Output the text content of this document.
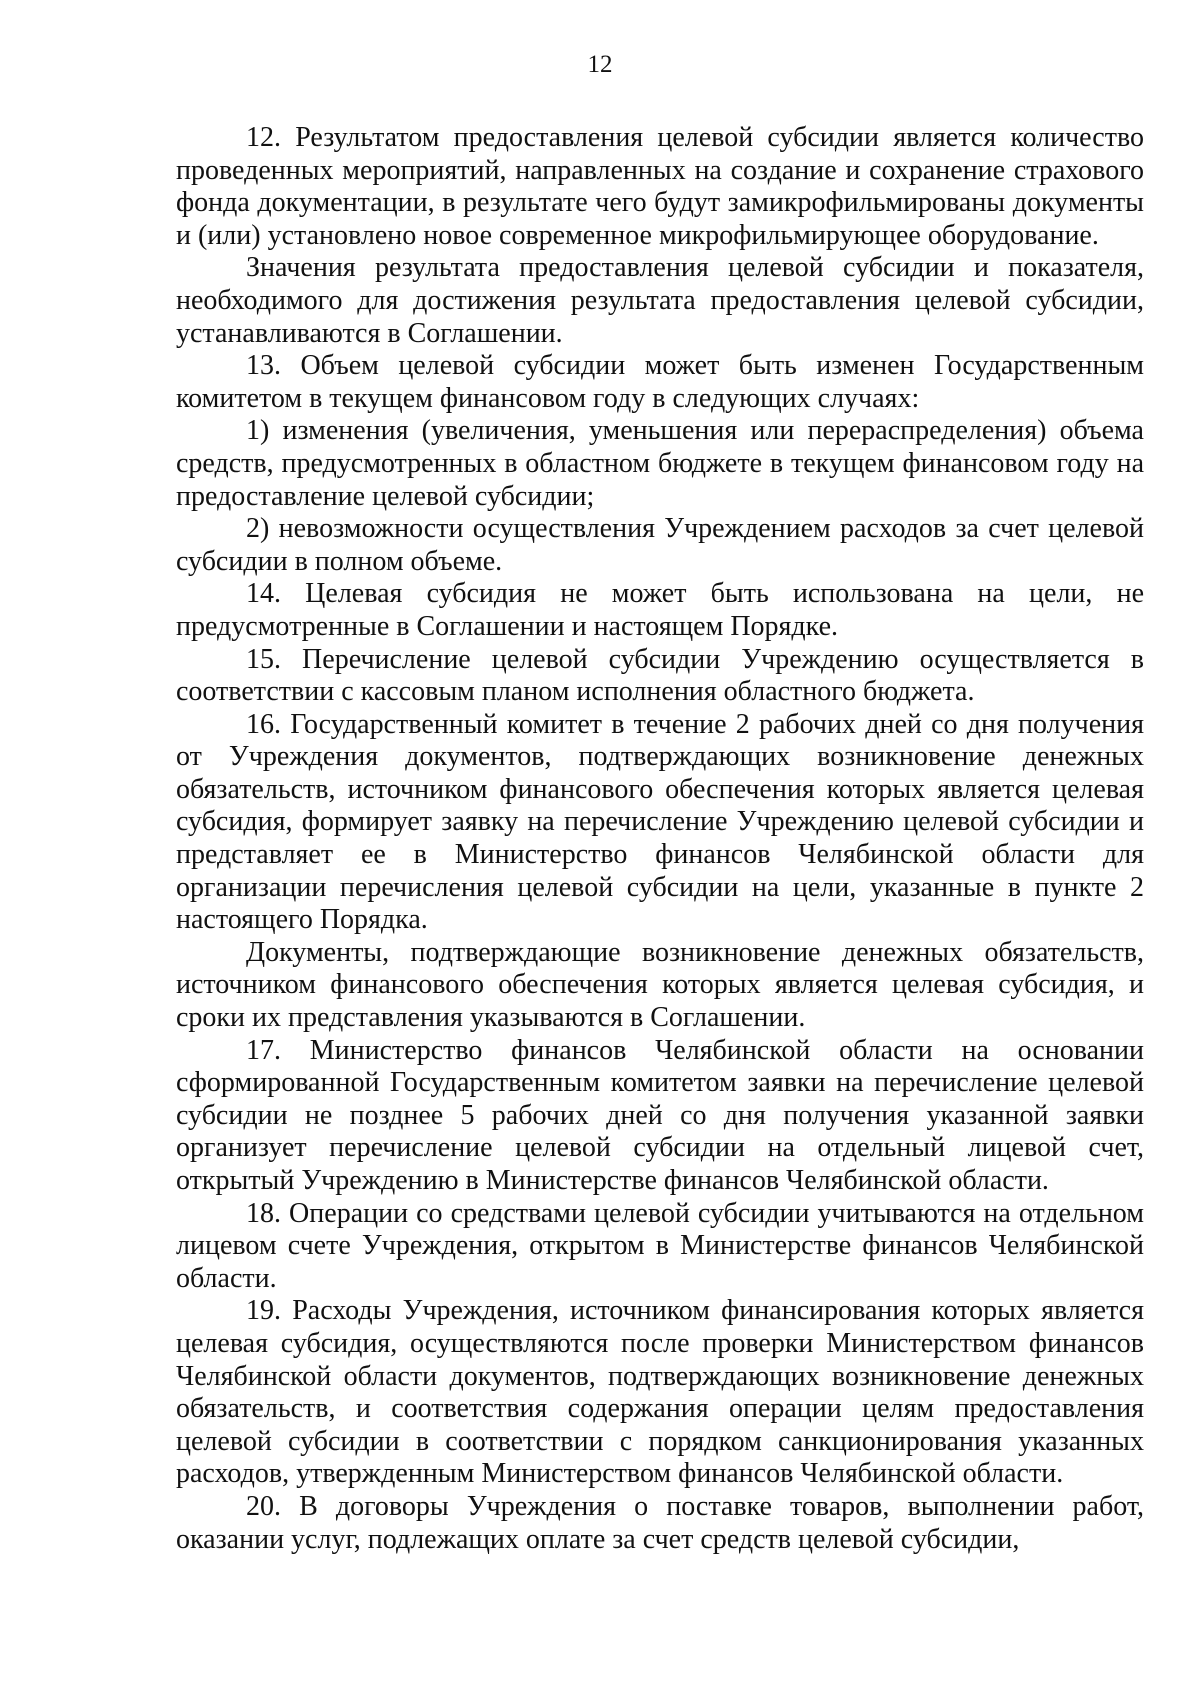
12

12. Результатом предоставления целевой субсидии является количество проведенных мероприятий, направленных на создание и сохранение страхового фонда документации, в результате чего будут замикрофильмированы документы и (или) установлено новое современное микрофильмирующее оборудование.

Значения результата предоставления целевой субсидии и показателя, необходимого для достижения результата предоставления целевой субсидии, устанавливаются в Соглашении.

13. Объем целевой субсидии может быть изменен Государственным комитетом в текущем финансовом году в следующих случаях:

1) изменения (увеличения, уменьшения или перераспределения) объема средств, предусмотренных в областном бюджете в текущем финансовом году на предоставление целевой субсидии;

2) невозможности осуществления Учреждением расходов за счет целевой субсидии в полном объеме.

14. Целевая субсидия не может быть использована на цели, не предусмотренные в Соглашении и настоящем Порядке.

15. Перечисление целевой субсидии Учреждению осуществляется в соответствии с кассовым планом исполнения областного бюджета.

16. Государственный комитет в течение 2 рабочих дней со дня получения от Учреждения документов, подтверждающих возникновение денежных обязательств, источником финансового обеспечения которых является целевая субсидия, формирует заявку на перечисление Учреждению целевой субсидии и представляет ее в Министерство финансов Челябинской области для организации перечисления целевой субсидии на цели, указанные в пункте 2 настоящего Порядка.

Документы, подтверждающие возникновение денежных обязательств, источником финансового обеспечения которых является целевая субсидия, и сроки их представления указываются в Соглашении.

17. Министерство финансов Челябинской области на основании сформированной Государственным комитетом заявки на перечисление целевой субсидии не позднее 5 рабочих дней со дня получения указанной заявки организует перечисление целевой субсидии на отдельный лицевой счет, открытый Учреждению в Министерстве финансов Челябинской области.

18. Операции со средствами целевой субсидии учитываются на отдельном лицевом счете Учреждения, открытом в Министерстве финансов Челябинской области.

19. Расходы Учреждения, источником финансирования которых является целевая субсидия, осуществляются после проверки Министерством финансов Челябинской области документов, подтверждающих возникновение денежных обязательств, и соответствия содержания операции целям предоставления целевой субсидии в соответствии с порядком санкционирования указанных расходов, утвержденным Министерством финансов Челябинской области.

20. В договоры Учреждения о поставке товаров, выполнении работ, оказании услуг, подлежащих оплате за счет средств целевой субсидии,
